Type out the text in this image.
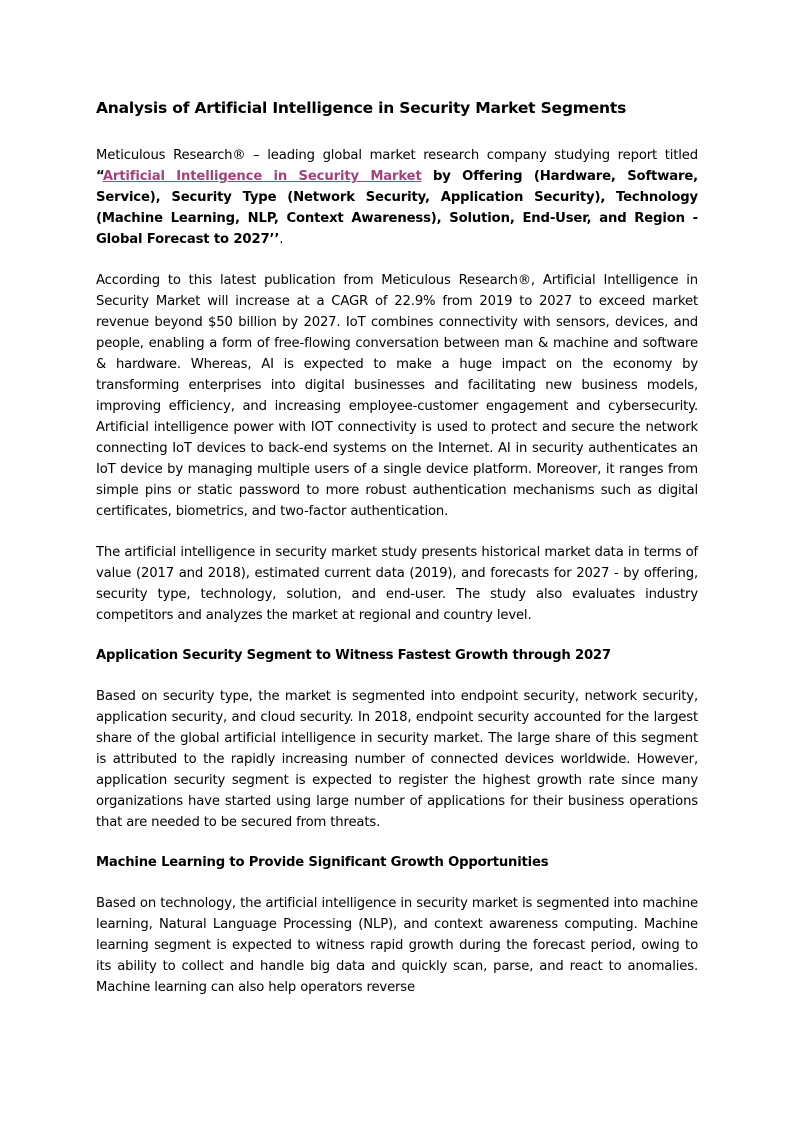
Analysis of Artificial Intelligence in Security Market Segments

Meticulous Research® – leading global market research company studying report titled “Artificial Intelligence in Security Market by Offering (Hardware, Software, Service), Security Type (Network Security, Application Security), Technology (Machine Learning, NLP, Context Awareness), Solution, End-User, and Region - Global Forecast to 2027’’.

According to this latest publication from Meticulous Research®, Artificial Intelligence in Security Market will increase at a CAGR of 22.9% from 2019 to 2027 to exceed market revenue beyond $50 billion by 2027. IoT combines connectivity with sensors, devices, and people, enabling a form of free-flowing conversation between man & machine and software & hardware. Whereas, AI is expected to make a huge impact on the economy by transforming enterprises into digital businesses and facilitating new business models, improving efficiency, and increasing employee-customer engagement and cybersecurity. Artificial intelligence power with IOT connectivity is used to protect and secure the network connecting IoT devices to back-end systems on the Internet. AI in security authenticates an IoT device by managing multiple users of a single device platform. Moreover, it ranges from simple pins or static password to more robust authentication mechanisms such as digital certificates, biometrics, and two-factor authentication.

The artificial intelligence in security market study presents historical market data in terms of value (2017 and 2018), estimated current data (2019), and forecasts for 2027 - by offering, security type, technology, solution, and end-user. The study also evaluates industry competitors and analyzes the market at regional and country level.

Application Security Segment to Witness Fastest Growth through 2027

Based on security type, the market is segmented into endpoint security, network security, application security, and cloud security. In 2018, endpoint security accounted for the largest share of the global artificial intelligence in security market. The large share of this segment is attributed to the rapidly increasing number of connected devices worldwide. However, application security segment is expected to register the highest growth rate since many organizations have started using large number of applications for their business operations that are needed to be secured from threats.

Machine Learning to Provide Significant Growth Opportunities

Based on technology, the artificial intelligence in security market is segmented into machine learning, Natural Language Processing (NLP), and context awareness computing. Machine learning segment is expected to witness rapid growth during the forecast period, owing to its ability to collect and handle big data and quickly scan, parse, and react to anomalies. Machine learning can also help operators reverse
